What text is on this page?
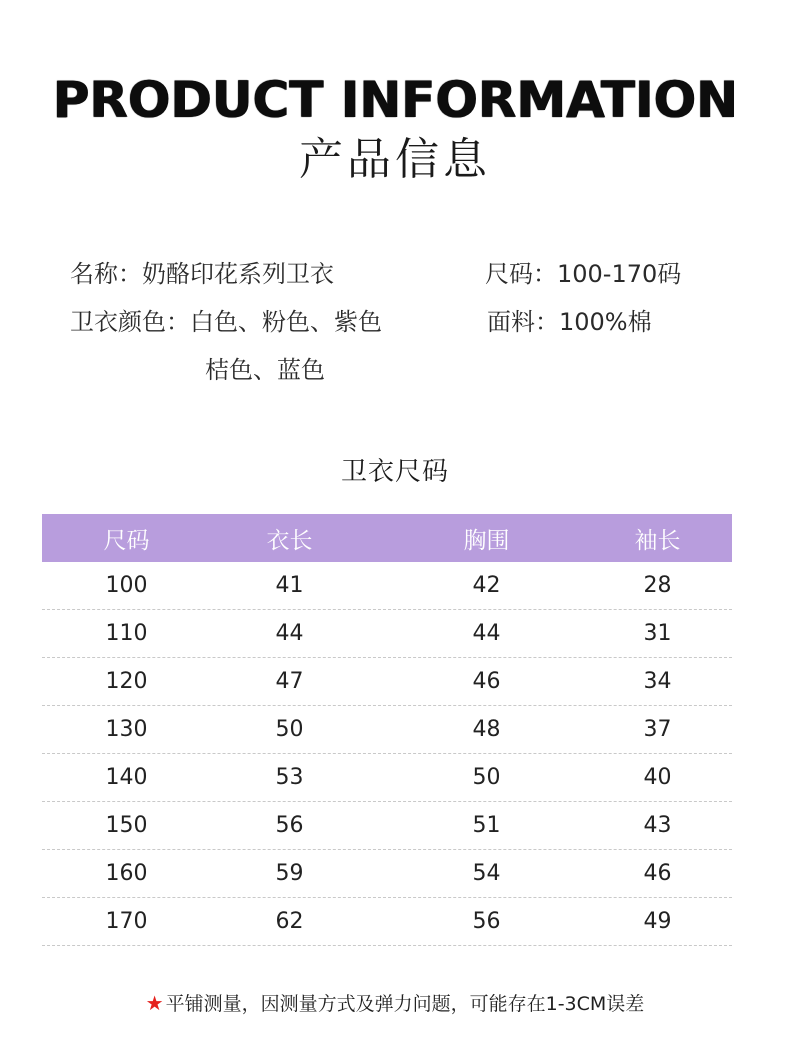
PRODUCT INFORMATION
产品信息
名称：奶酪印花系列卫衣	尺码：100-170码
卫衣颜色：白色、粉色、紫色
桔色、蓝色
面料：100%棉
卫衣尺码
尺码	衣长	胸围	袖长
100	41	42	28
110	44	44	31
120	47	46	34
130	50	48	37
140	53	50	40
150	56	51	43
160	59	54	46
170	62	56	49
★ 平铺测量，因测量方式及弹力问题，可能存在1-3CM误差
